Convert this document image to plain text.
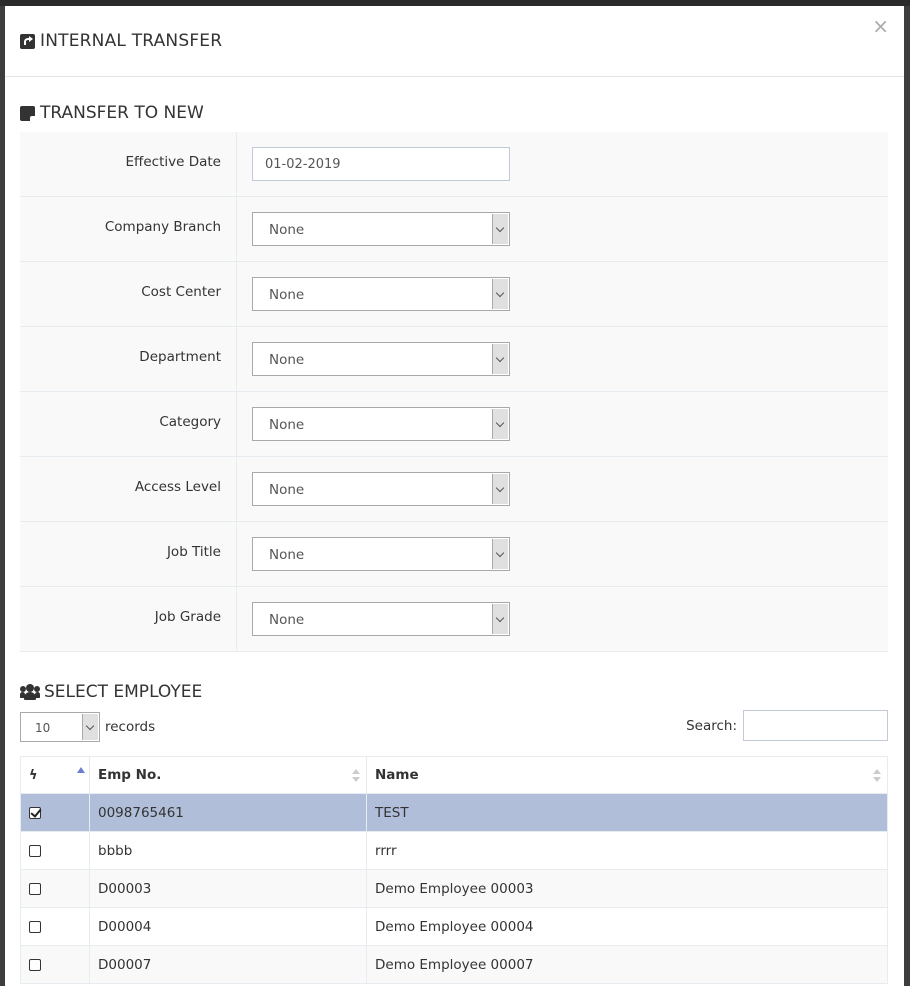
INTERNAL TRANSFER
×
TRANSFER TO NEW
Effective Date
01-02-2019
Company Branch	None
Cost Center	None
Department	None
Category	None
Access Level	None
Job Title	None
Job Grade	None
SELECT EMPLOYEE
10	records	Search:
ϟ	Emp No.	Name

	0098765461	TEST
	bbbb	rrrr
	D00003	Demo Employee 00003
	D00004	Demo Employee 00004
	D00007	Demo Employee 00007
